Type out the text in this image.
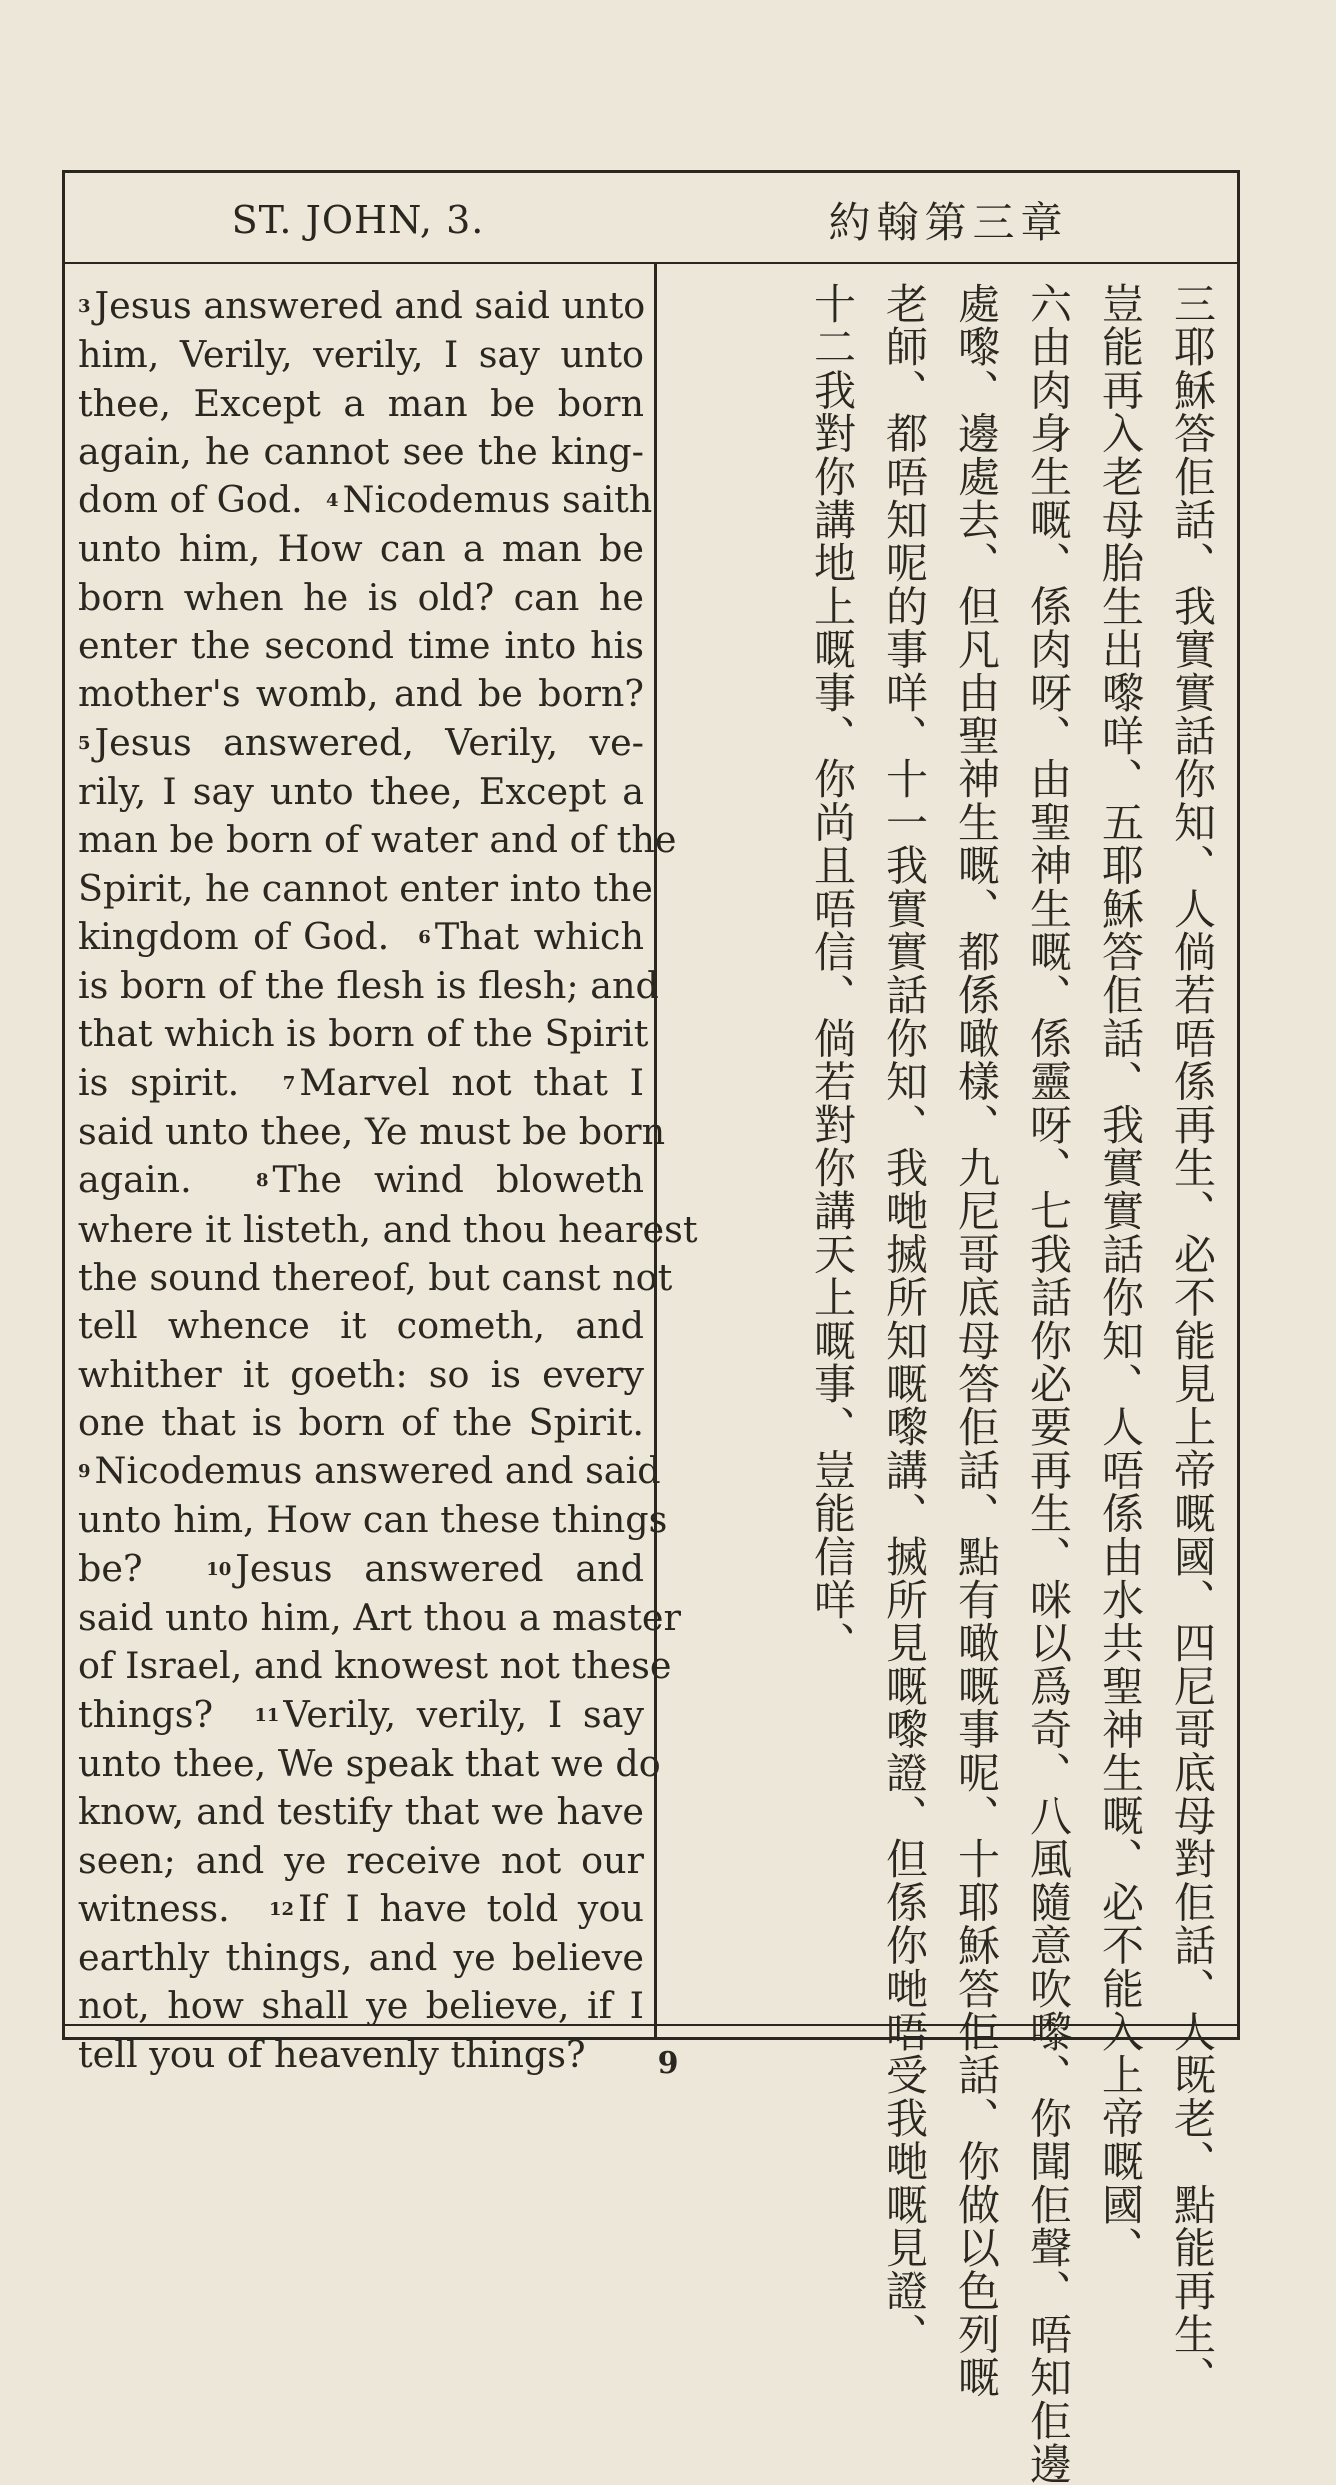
ST. JOHN, 3.	約翰第三章
3 Jesus answered and said unto
him, Verily, verily, I say unto
thee, Except a man be born
again, he cannot see the king-
dom of God. 4 Nicodemus saith
unto him, How can a man be
born when he is old? can he
enter the second time into his
mother's womb, and be born?
5 Jesus answered, Verily, ve-
rily, I say unto thee, Except a
man be born of water and of the
Spirit, he cannot enter into the
kingdom of God. 6 That which
is born of the flesh is flesh; and
that which is born of the Spirit
is spirit. 7 Marvel not that I
said unto thee, Ye must be born
again.	8 The wind bloweth
where it listeth, and thou hearest
the sound thereof, but canst not
tell whence it cometh, and
whither it goeth: so is every
one that is born of the Spirit.
9 Nicodemus answered and said
unto him, How can these things
be?	10 Jesus answered and
said unto him, Art thou a master
of Israel, and knowest not these
things? 11 Verily, verily, I say
unto thee, We speak that we do
know, and testify that we have
seen; and ye receive not our
witness. 12 If I have told you
earthly things, and ye believe
not, how shall ye believe, if I
tell you of heavenly things?	三耶穌答佢話、我實實話你知、人倘若唔係再生、必不能見上帝嘅國、四尼哥底母對佢話、人既老、點能再生、
豈能再入老母胎生出嚟咩、五耶穌答佢話、我實實話你知、人唔係由水共聖神生嘅、必不能入上帝嘅國、
六由肉身生嘅、係肉呀、由聖神生嘅、係靈呀、七我話你必要再生、咪以爲奇、八風隨意吹嚟、你聞佢聲、唔知佢邊
處嚟、邊處去、但凡由聖神生嘅、都係噉樣、九尼哥底母答佢話、點有噉嘅事呢、十耶穌答佢話、你做以色列嘅
老師、都唔知呢的事咩、十一我實實話你知、我哋搣所知嘅嚟講、搣所見嘅嚟證、但係你哋唔受我哋嘅見證、
十二我對你講地上嘅事、你尚且唔信、倘若對你講天上嘅事、豈能信咩、
9
